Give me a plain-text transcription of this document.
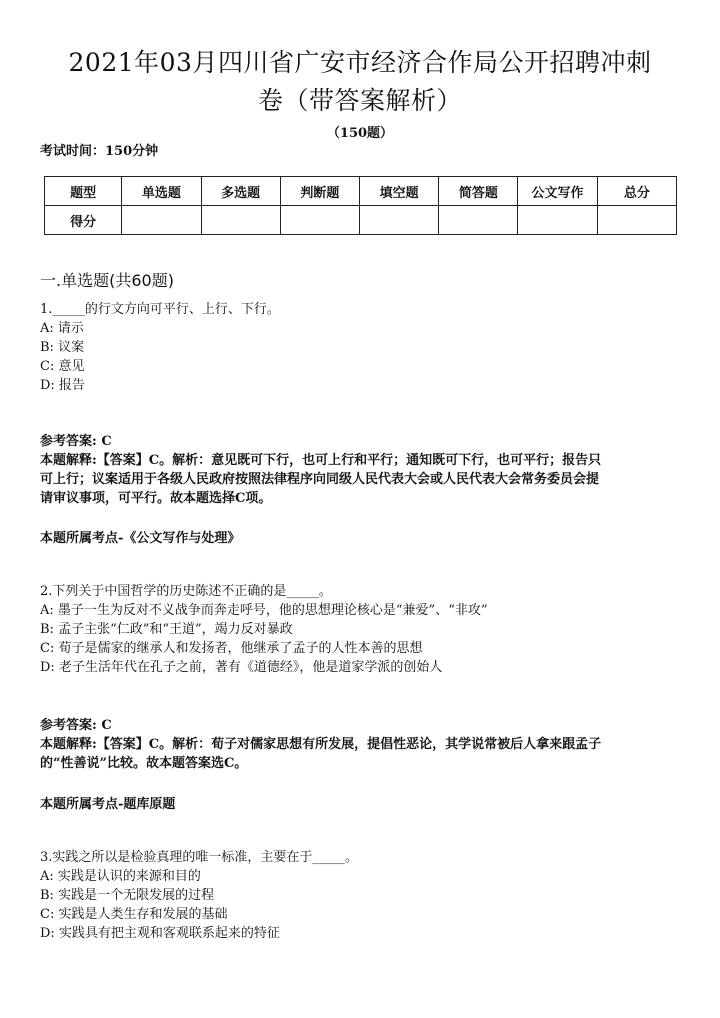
2021年03月四川省广安市经济合作局公开招聘冲刺
卷（带答案解析）
（150题）
考试时间：150分钟
题型	单选题	多选题	判断题	填空题	简答题	公文写作	总分
得分							
一.单选题(共60题)
1._____的行文方向可平行、上行、下行。
A: 请示
B: 议案
C: 意见
D: 报告
参考答案: C
本题解释:【答案】C。解析：意见既可下行，也可上行和平行；通知既可下行，也可平行；报告只
可上行；议案适用于各级人民政府按照法律程序向同级人民代表大会或人民代表大会常务委员会提
请审议事项，可平行。故本题选择C项。
本题所属考点-《公文写作与处理》
2.下列关于中国哲学的历史陈述不正确的是_____。
A: 墨子一生为反对不义战争而奔走呼号，他的思想理论核心是“兼爱”、“非攻”
B: 孟子主张“仁政”和“王道”，竭力反对暴政
C: 荀子是儒家的继承人和发扬者，他继承了孟子的人性本善的思想
D: 老子生活年代在孔子之前，著有《道德经》，他是道家学派的创始人
参考答案: C
本题解释:【答案】C。解析：荀子对儒家思想有所发展，提倡性恶论，其学说常被后人拿来跟孟子
的“性善说”比较。故本题答案选C。
本题所属考点-题库原题
3.实践之所以是检验真理的唯一标准，主要在于_____。
A: 实践是认识的来源和目的
B: 实践是一个无限发展的过程
C: 实践是人类生存和发展的基础
D: 实践具有把主观和客观联系起来的特征
